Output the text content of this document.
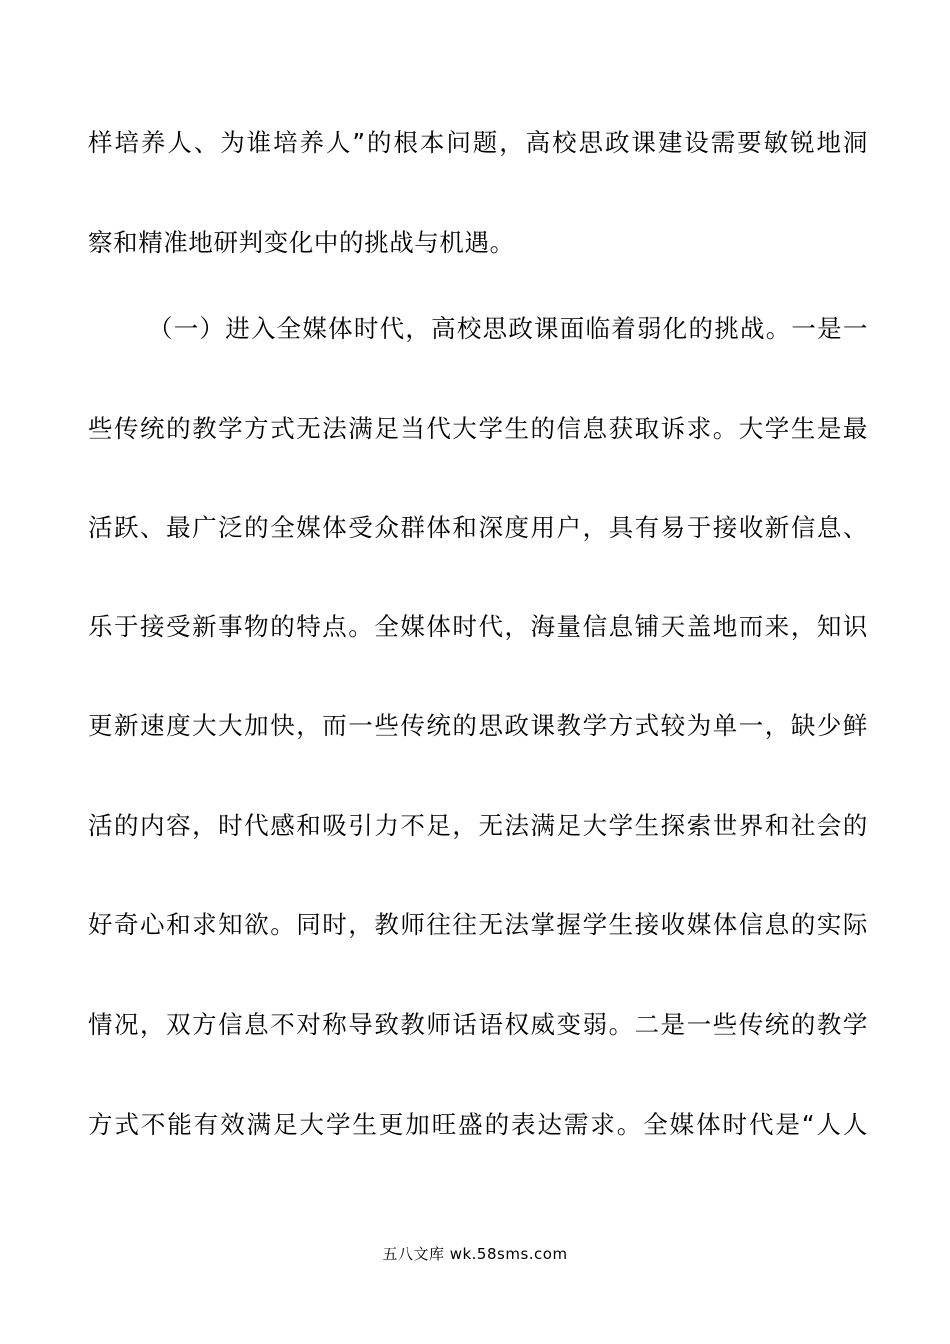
样培养人、为谁培养人”的根本问题，高校思政课建设需要敏锐地洞
察和精准地研判变化中的挑战与机遇。
（一）进入全媒体时代，高校思政课面临着弱化的挑战。一是一
些传统的教学方式无法满足当代大学生的信息获取诉求。大学生是最
活跃、最广泛的全媒体受众群体和深度用户，具有易于接收新信息、
乐于接受新事物的特点。全媒体时代，海量信息铺天盖地而来，知识
更新速度大大加快，而一些传统的思政课教学方式较为单一，缺少鲜
活的内容，时代感和吸引力不足，无法满足大学生探索世界和社会的
好奇心和求知欲。同时，教师往往无法掌握学生接收媒体信息的实际
情况，双方信息不对称导致教师话语权威变弱。二是一些传统的教学
方式不能有效满足大学生更加旺盛的表达需求。全媒体时代是“人人
五八文库 wk.58sms.com
